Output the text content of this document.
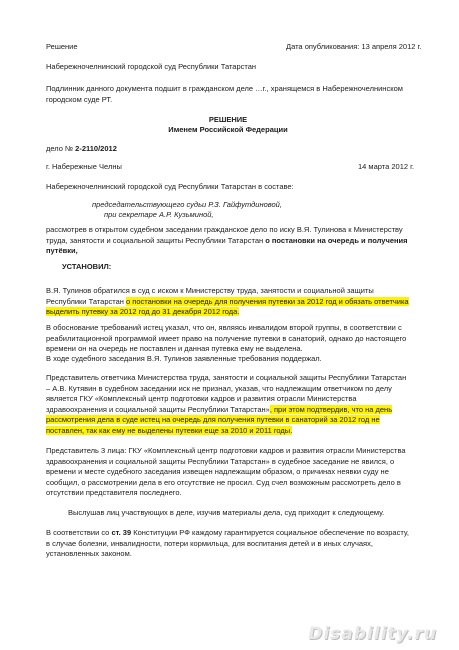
Решение	Дата опубликования: 13 апреля 2012 г.
Набережночелнинский городской суд Республики Татарстан
Подлинник данного документа подшит в гражданском деле …г., хранящемся в Набережночелнинском городском суде РТ.
РЕШЕНИЕ
Именем Российской Федерации
дело № 2-2110/2012
г. Набережные Челны	14 марта 2012 г.
Набережночелнинский городской суд Республики Татарстан в составе:
председательствующего судьи Р.З. Гайфутдиновой,
при секретаре А.Р. Кузьминой,
рассмотрев в открытом судебном заседании гражданское дело по иску В.Я. Тулинова к Министерству труда, занятости и социальной защиты Республики Татарстан о постановки на очередь и получения путёвки,
УСТАНОВИЛ:
В.Я. Тулинов обратился в суд с иском к Министерству труда, занятости и социальной защиты Республики Татарстан о постановки на очередь для получения путевки за 2012 год и обязать ответчика выделить путевку за 2012 год до 31 декабря 2012 года.
В обоснование требований истец указал, что он, являясь инвалидом второй группы, в соответствии с реабилитационной программой имеет право на получение путевки в санаторий, однако до настоящего времени он на очередь не поставлен и данная путевка ему не выделена.
В ходе судебного заседания В.Я. Тулинов заявленные требования поддержал.
Представитель ответчика Министерства труда, занятости и социальной защиты Республики Татарстан – А.В. Кутявин в судебном заседании иск не признал, указав, что надлежащим ответчиком по делу является ГКУ «Комплексный центр подготовки кадров и развития отрасли Министерства здравоохранения и социальной защиты Республики Татарстан», при этом подтвердив, что на день рассмотрения дела в суде истец на очередь для получения путевки в санаторий за 2012 год не поставлен, так как ему не выделены путевки еще за 2010 и 2011 годы.
Представитель 3 лица: ГКУ «Комплексный центр подготовки кадров и развития отрасли Министерства здравоохранения и социальной защиты Республики Татарстан» в судебное заседание не явился, о времени и месте судебного заседания извещен надлежащим образом, о причинах неявки суду не сообщил, о рассмотрении дела в его отсутствие не просил. Суд счел возможным рассмотреть дело в отсутствии представителя последнего.
Выслушав лиц участвующих в деле, изучив материалы дела, суд приходит к следующему.
В соответствии со ст. 39 Конституции РФ каждому гарантируется социальное обеспечение по возрасту, в случае болезни, инвалидности, потери кормильца, для воспитания детей и в иных случаях, установленных законом.
Disability.ru
